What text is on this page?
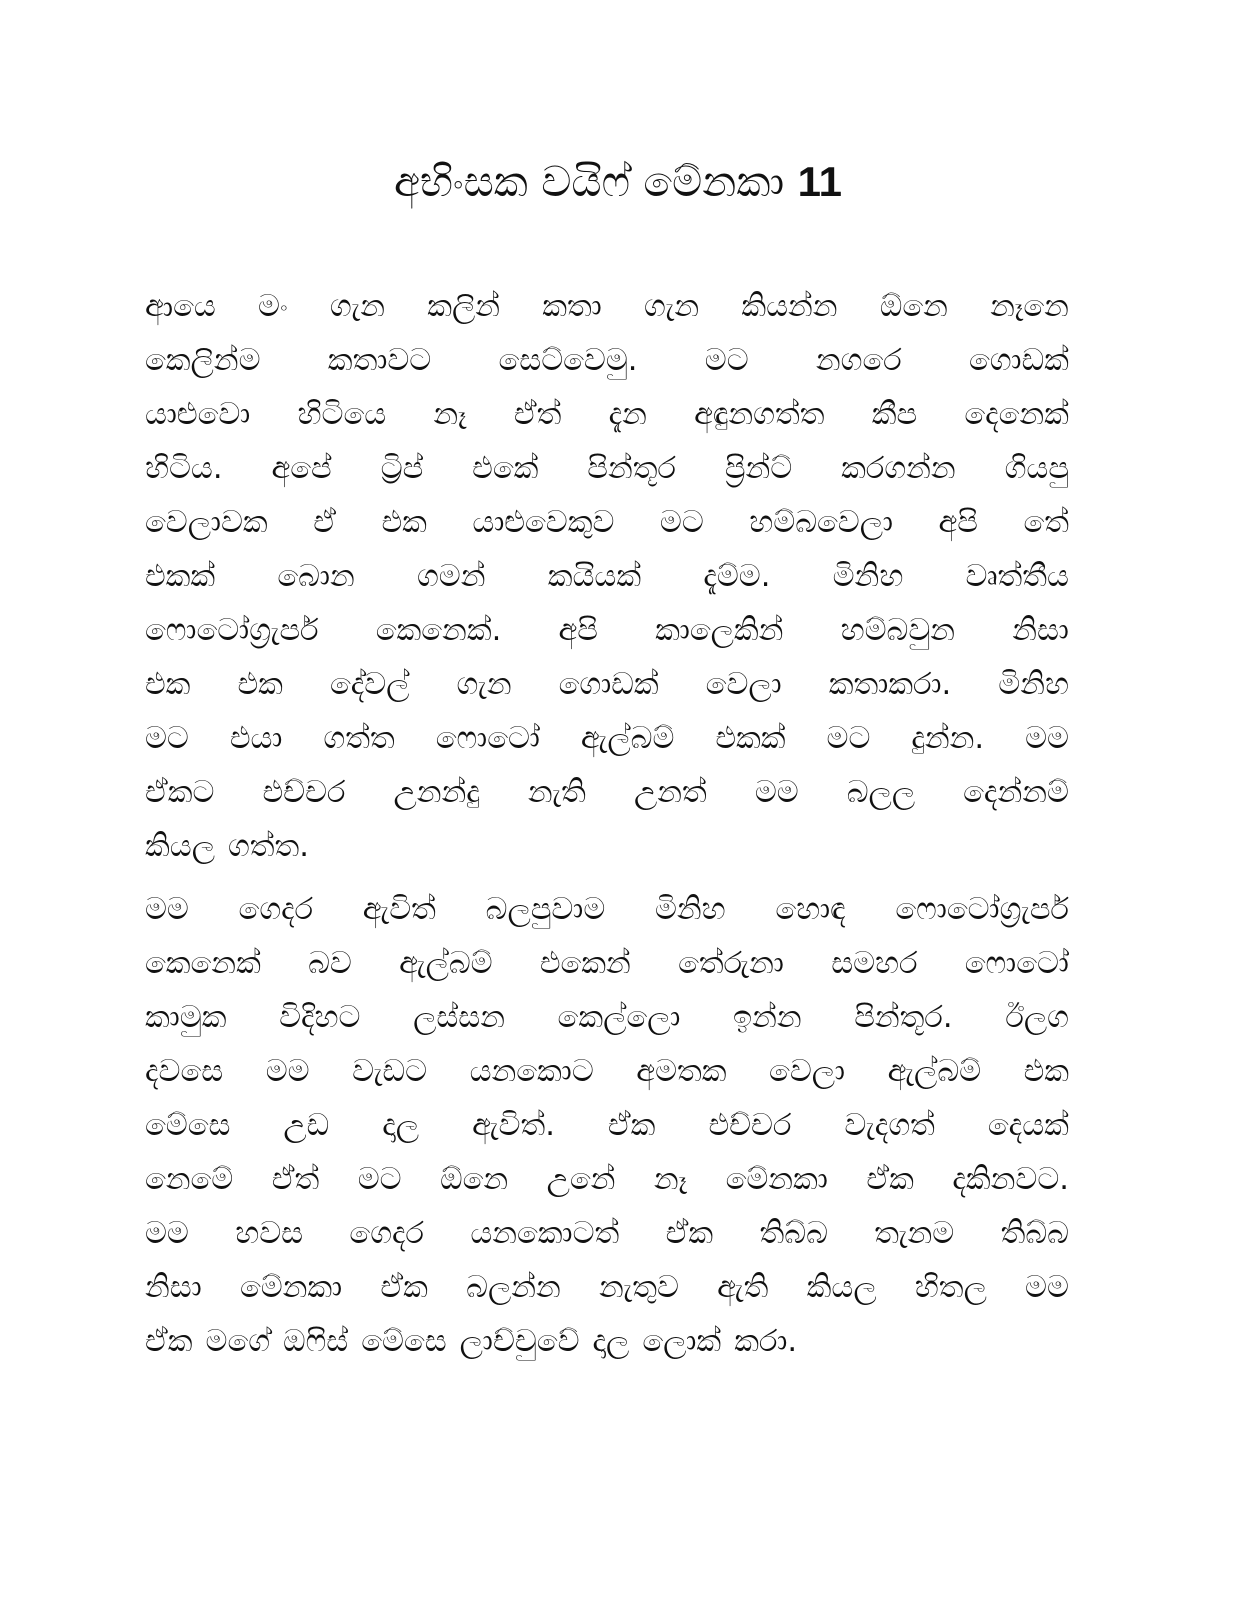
අභිංසක වයිෆ් මේනකා 11
ආයෙ මං ගැන කලින් කතා ගැන කියන්න ඕනෙ නෑනෙ
කෙලින්ම කතාවට සෙට්වෙමු. මට නගරෙ ගොඩක්
යාළුවො හිටියෙ නෑ ඒත් දැන අඳුනගත්ත කීප දෙනෙක්
හිටිය. අපේ ට්‍රිප් එකේ පින්තූර ප්‍රින්ට් කරගන්න ගියපු
වෙලාවක ඒ එක යාළුවෙකුව මට හම්බවෙලා අපි තේ
එකක් බොන ගමන් කයියක් දැම්ම. මිනිහ වෘත්තීය
ෆොටෝග්‍රැපර් කෙනෙක්. අපි කාලෙකින් හම්බවුන නිසා
එක එක දේවල් ගැන ගොඩක් වෙලා කතාකරා. මිනිහ
මට එයා ගත්ත ෆොටෝ ඇල්බම් එකක් මට දුන්න. මම
ඒකට එච්චර උනන්දු නැති උනත් මම බලල දෙන්නම්
කියල ගත්ත.
මම ගෙදර ඇවිත් බලපුවාම මිනිහ හොඳ ෆොටෝග්‍රැපර්
කෙනෙක් බව ඇල්බම් එකෙන් තේරුනා සමහර ෆොටෝ
කාමුක විදිහට ලස්සන කෙල්ලො ඉන්න පින්තූර. ඊලග
දවසෙ මම වැඩට යනකොට අමතක වෙලා ඇල්බම් එක
මේසෙ උඩ දාල ඇවිත්. ඒක එච්චර වැදගත් දෙයක්
නෙමේ ඒත් මට ඕනෙ උනේ නෑ මේනකා ඒක දකිනවට.
මම හවස ගෙදර යනකොටත් ඒක තිබ්බ තැනම තිබ්බ
නිසා මේනකා ඒක බලන්න නැතුව ඇති කියල හිතල මම
ඒක මගේ ඔෆිස් මේසෙ ලාච්චුවේ දාල ලොක් කරා.
